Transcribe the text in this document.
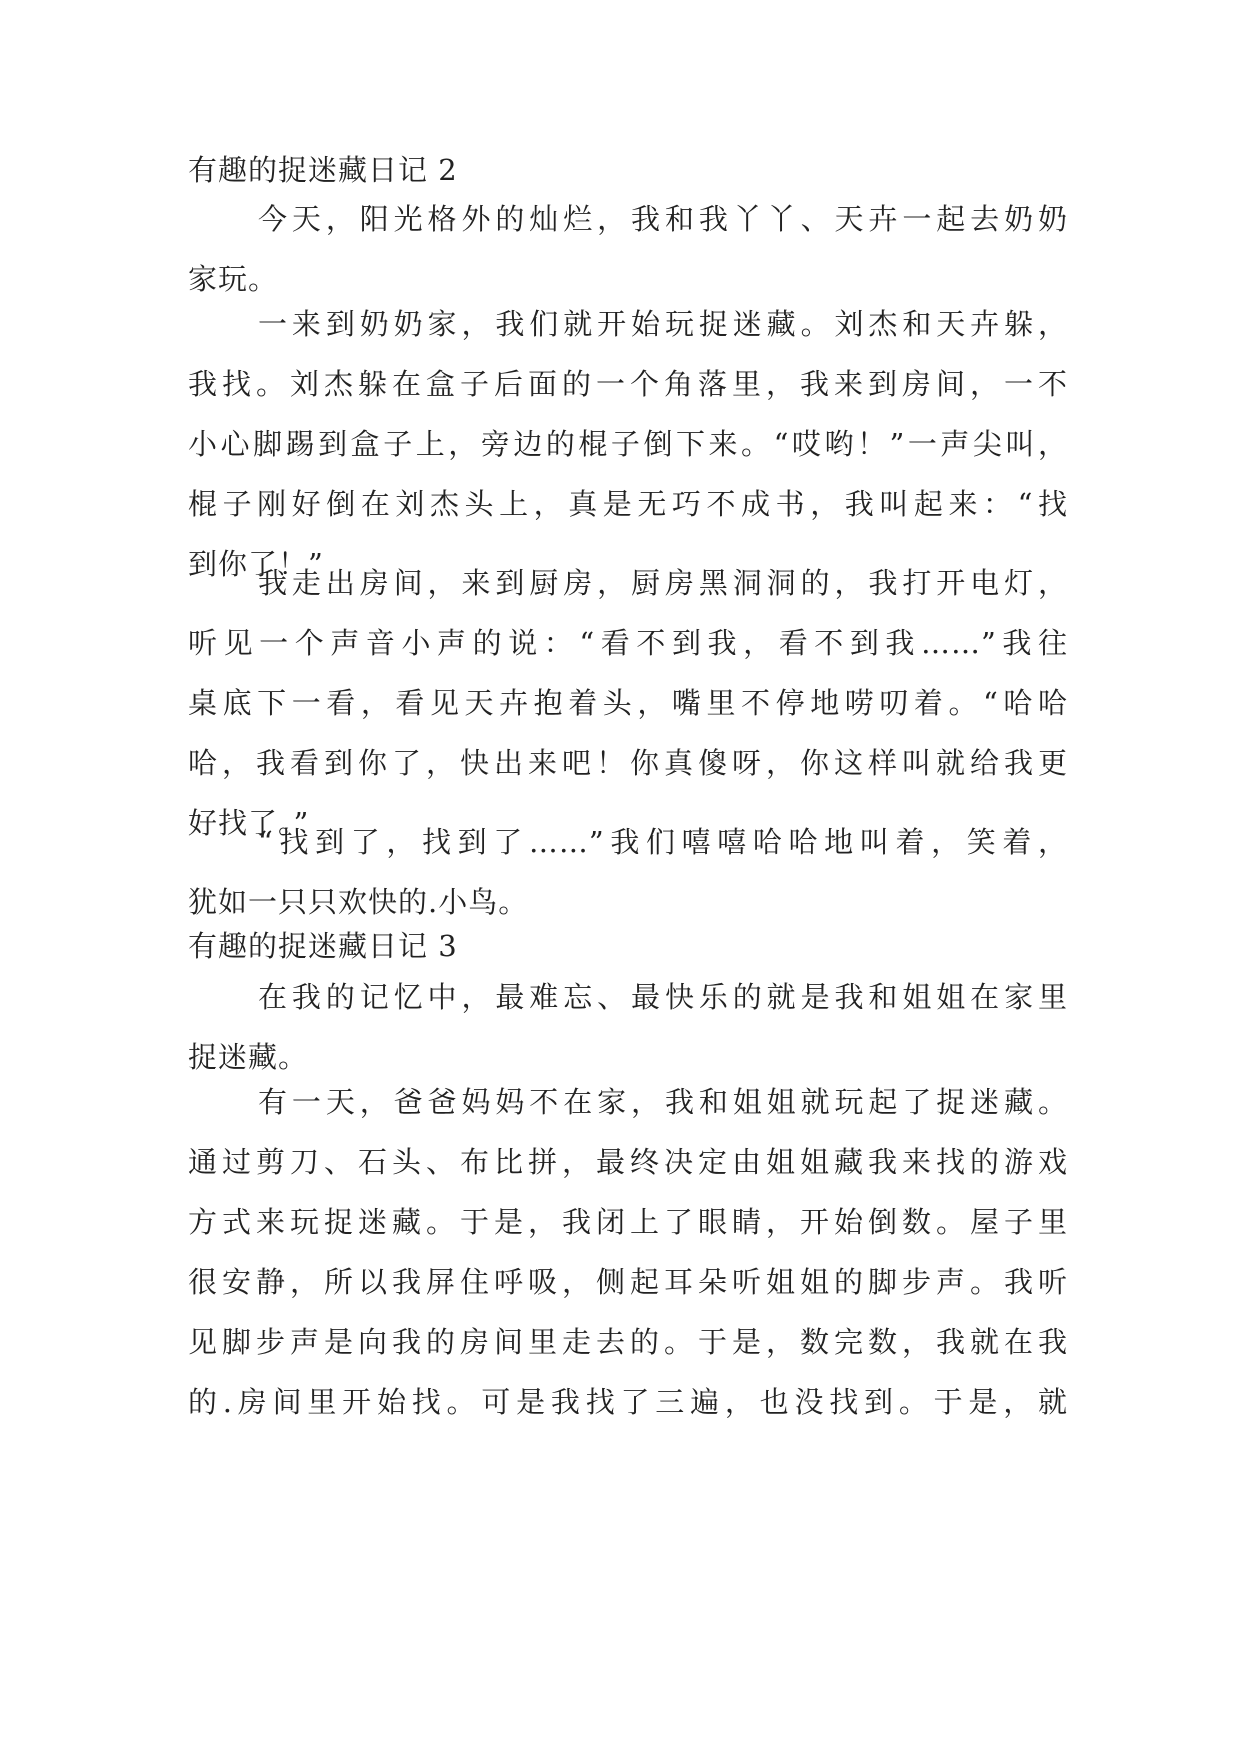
有趣的捉迷藏日记 2
今天，阳光格外的灿烂，我和我丫丫、天卉一起去奶奶
家玩。
一来到奶奶家，我们就开始玩捉迷藏。刘杰和天卉躲，
我找。刘杰躲在盒子后面的一个角落里，我来到房间，一不
小心脚踢到盒子上，旁边的棍子倒下来。“哎哟！”一声尖叫，
棍子刚好倒在刘杰头上，真是无巧不成书，我叫起来：“找
到你了！”
我走出房间，来到厨房，厨房黑洞洞的，我打开电灯，
听见一个声音小声的说：“看不到我，看不到我……”我往
桌底下一看，看见天卉抱着头，嘴里不停地唠叨着。“哈哈
哈，我看到你了，快出来吧！你真傻呀，你这样叫就给我更
好找了。”
“找到了，找到了……”我们嘻嘻哈哈地叫着，笑着，
犹如一只只欢快的.小鸟。
有趣的捉迷藏日记 3
在我的记忆中，最难忘、最快乐的就是我和姐姐在家里
捉迷藏。
有一天，爸爸妈妈不在家，我和姐姐就玩起了捉迷藏。
通过剪刀、石头、布比拼，最终决定由姐姐藏我来找的游戏
方式来玩捉迷藏。于是，我闭上了眼睛，开始倒数。屋子里
很安静，所以我屏住呼吸，侧起耳朵听姐姐的脚步声。我听
见脚步声是向我的房间里走去的。于是，数完数，我就在我
的.房间里开始找。可是我找了三遍，也没找到。于是，就
